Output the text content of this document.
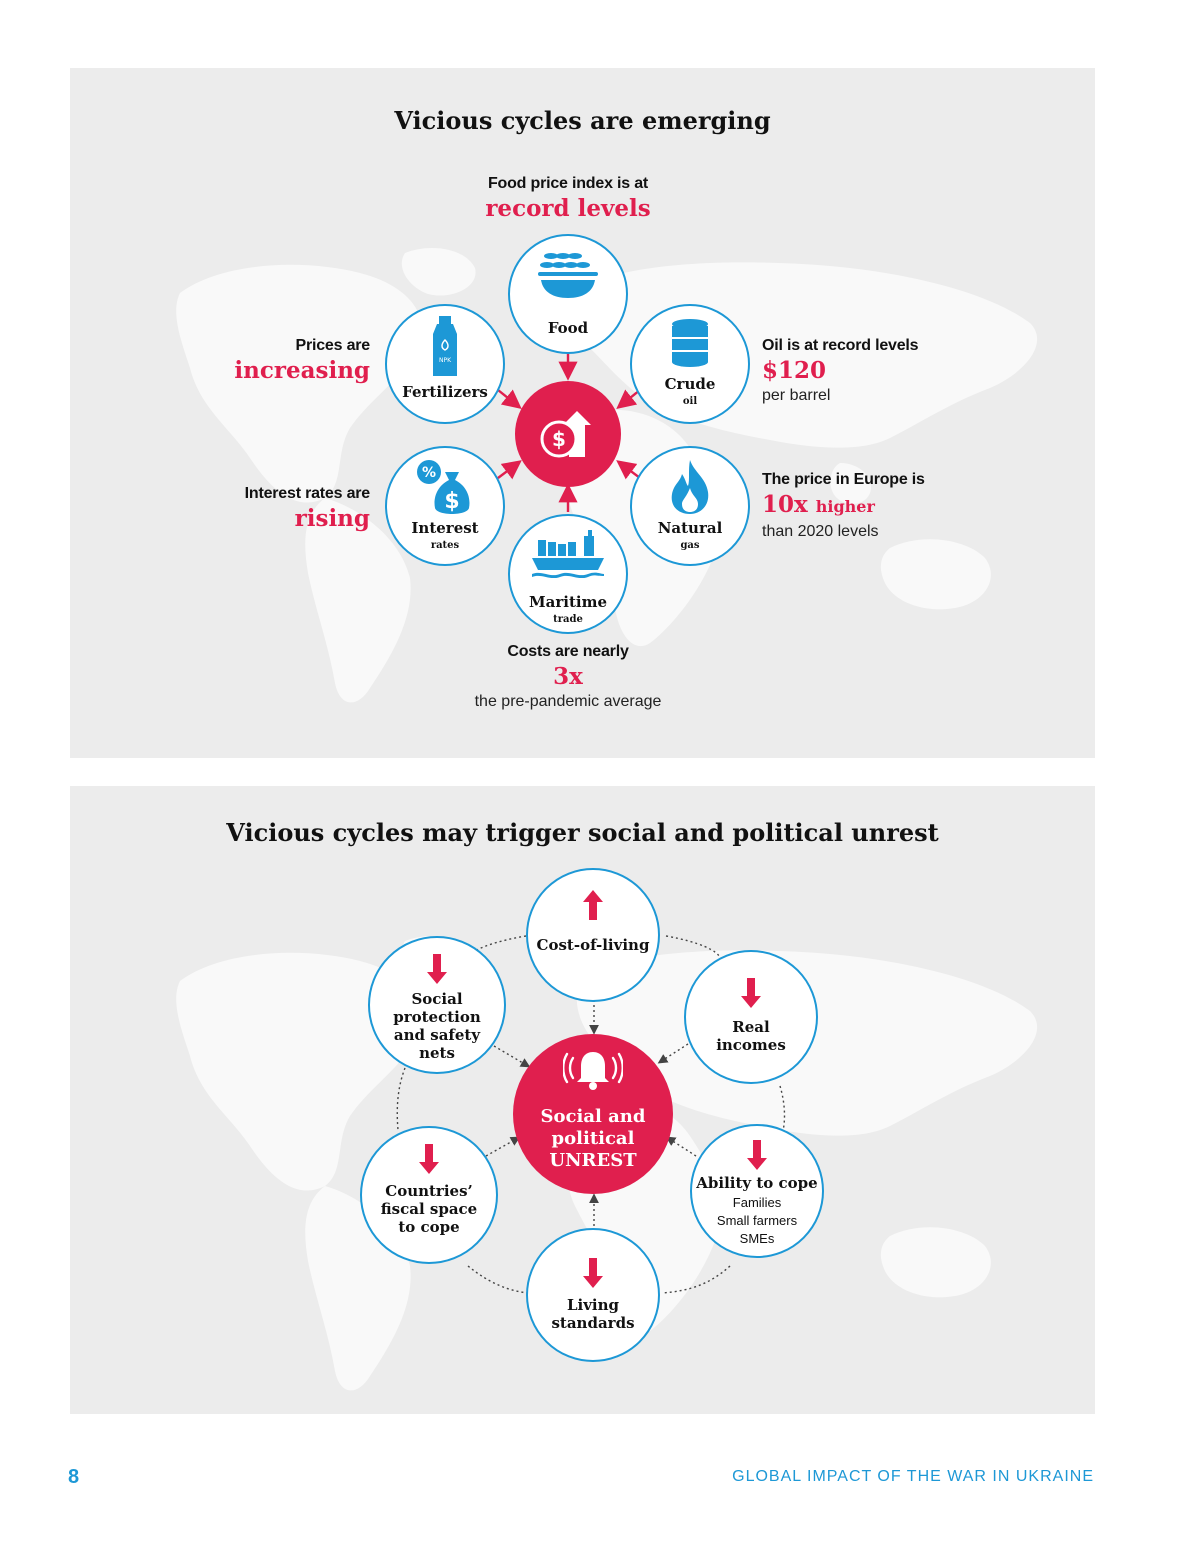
Vicious cycles are emerging
$
Food
NPK
Fertilizers	Crude
oil
%
$
Interest
rates
Natural
gas
Maritime
trade
Food price index is at
record levels
Prices are
increasing
Oil is at record levels
$120
per barrel
Interest rates are
rising
The price in Europe is
10x higher
than 2020 levels
Costs are nearly
3x
the pre-pandemic average
Vicious cycles may trigger social and political unrest
Social and
political
UNREST
Cost-of-living
Social
protection
and safety
nets
Real
incomes
Countries’
fiscal space
to cope
Ability to cope
Families
Small farmers
SMEs
Living
standards
8	GLOBAL IMPACT OF THE WAR IN UKRAINE
